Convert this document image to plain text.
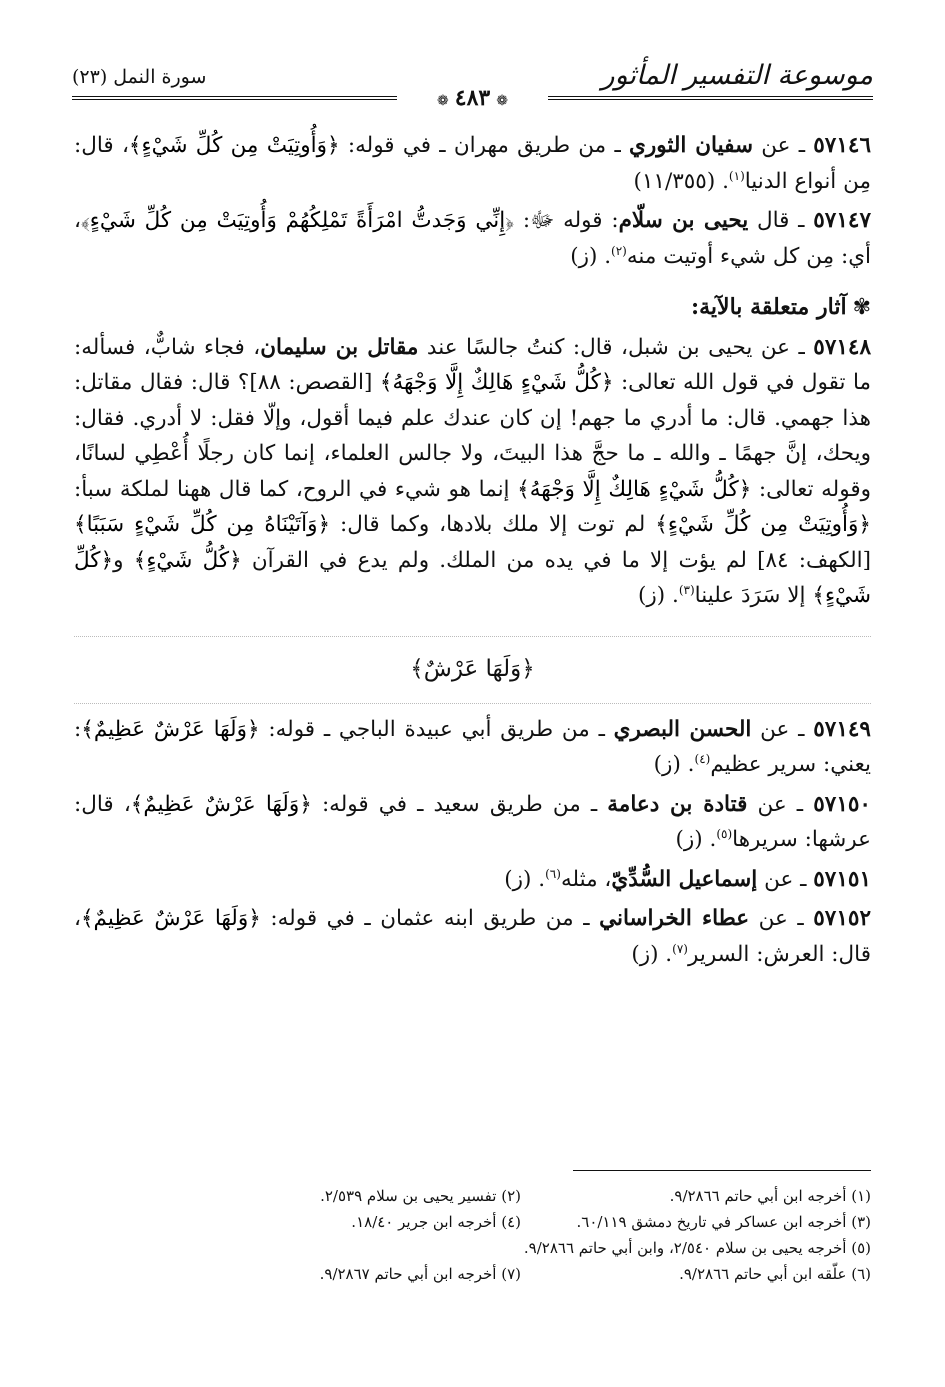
موسوعة التفسير المأثور
❁٤٨٣❁
سورة النمل (٢٣)

٥٧١٤٦ ـ عن سفيان الثوري ـ من طريق مهران ـ في قوله: ﴿وَأُوتِيَتْ مِن كُلِّ شَيْءٍ﴾، قال: مِن أنواع الدنيا$^{(١)}$. (١١/٣٥٥)

٥٧١٤٧ ـ قال يحيى بن سلّام: قوله ﷻ: ﴿إِنِّي وَجَدتُّ امْرَأَةً تَمْلِكُهُمْ وَأُوتِيَتْ مِن كُلِّ شَيْءٍ﴾، أي: مِن كل شيء أوتيت منه$^{(٢)}$. (ز)

✾آثار متعلقة بالآية:

٥٧١٤٨ ـ عن يحيى بن شبل، قال: كنتُ جالسًا عند مقاتل بن سليمان، فجاء شابٌّ، فسأله: ما تقول في قول الله تعالى: ﴿كُلُّ شَيْءٍ هَالِكٌ إِلَّا وَجْهَهُ﴾ [القصص: ٨٨]؟ قال: فقال مقاتل: هذا جهمي. قال: ما أدري ما جهم! إن كان عندك علم فيما أقول، وإلّا فقل: لا أدري. فقال: ويحك، إنَّ جهمًا ـ والله ـ ما حجَّ هذا البيتَ، ولا جالس العلماء، إنما كان رجلًا أُعْطِي لسانًا، وقوله تعالى: ﴿كُلُّ شَيْءٍ هَالِكٌ إِلَّا وَجْهَهُ﴾ إنما هو شيء في الروح، كما قال ههنا لملكة سبأ: ﴿وَأُوتِيَتْ مِن كُلِّ شَيْءٍ﴾ لم توت إلا ملك بلادها، وكما قال: ﴿وَآتَيْنَاهُ مِن كُلِّ شَيْءٍ سَبَبًا﴾ [الكهف: ٨٤] لم يؤت إلا ما في يده من الملك. ولم يدع في القرآن ﴿كُلُّ شَيْءٍ﴾ و﴿كُلِّ شَيْءٍ﴾ إلا سَرَدَ علينا$^{(٣)}$. (ز)

﴿وَلَهَا عَرْشٌ﴾

٥٧١٤٩ ـ عن الحسن البصري ـ من طريق أبي عبيدة الباجي ـ قوله: ﴿وَلَهَا عَرْشٌ عَظِيمٌ﴾: يعني: سرير عظيم$^{(٤)}$. (ز)

٥٧١٥٠ ـ عن قتادة بن دعامة ـ من طريق سعيد ـ في قوله: ﴿وَلَهَا عَرْشٌ عَظِيمٌ﴾، قال: عرشها: سريرها$^{(٥)}$. (ز)

٥٧١٥١ ـ عن إسماعيل السُّدِّيّ، مثله$^{(٦)}$. (ز)

٥٧١٥٢ ـ عن عطاء الخراساني ـ من طريق ابنه عثمان ـ في قوله: ﴿وَلَهَا عَرْشٌ عَظِيمٌ﴾، قال: العرش: السرير$^{(٧)}$. (ز)

(١) أخرجه ابن أبي حاتم ٩/٢٨٦٦.
(٢) تفسير يحيى بن سلام ٢/٥٣٩.
(٣) أخرجه ابن عساكر في تاريخ دمشق ٦٠/١١٩.
(٤) أخرجه ابن جرير ١٨/٤٠.
(٥) أخرجه يحيى بن سلام ٢/٥٤٠، وابن أبي حاتم ٩/٢٨٦٦.
(٦) علّقه ابن أبي حاتم ٩/٢٨٦٦.
(٧) أخرجه ابن أبي حاتم ٩/٢٨٦٧.
